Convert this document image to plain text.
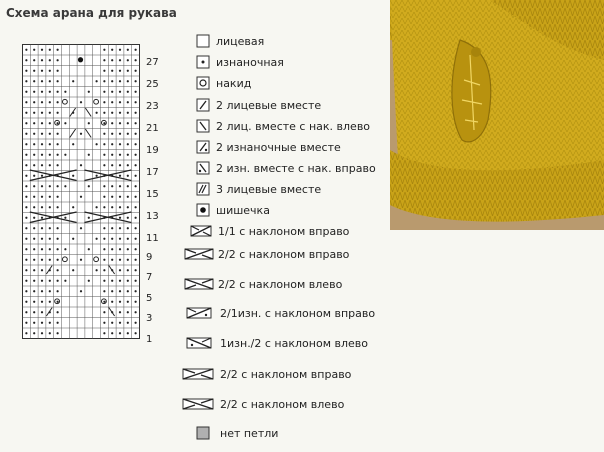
Схема арана для рукава
27
25
23
21
19
17
15
13
11
9
7
5
3
1
лицевая
изнаночная
накид
2 лицевые вместе
2 лиц. вместе с нак. влево
2 изнаночные вместе
2 изн. вместе с нак. вправо
3 лицевые вместе
шишечка
1/1 с наклоном вправо
2/2 с наклоном вправо
2/2 с наклоном влево
2/1изн. с наклоном вправо
1изн./2 с наклоном влево
2/2 с наклоном вправо
2/2 с наклоном влево
нет петли
